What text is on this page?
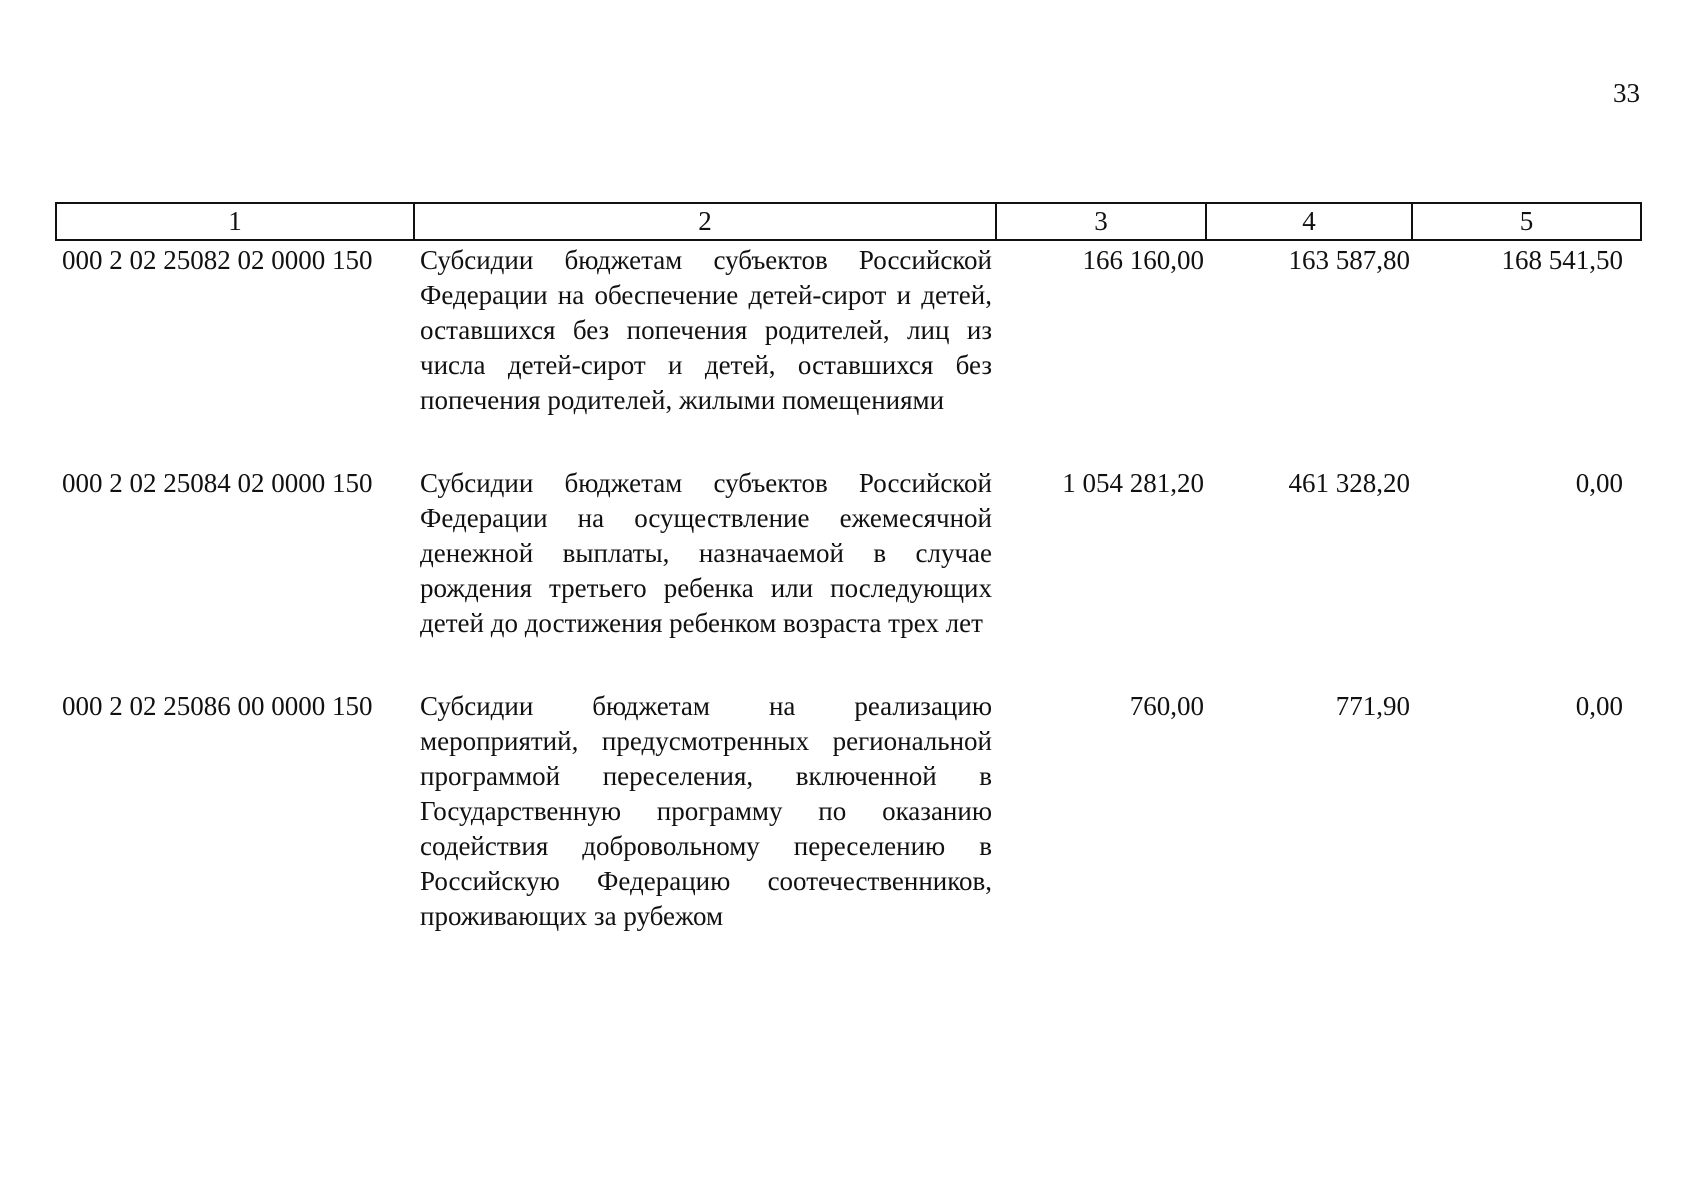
33
1	2	3	4	5
000 2 02 25082 02 0000 150	Субсидии бюджетам субъектов Российской Федерации на обеспечение детей-сирот и детей, оставшихся без попечения родителей, лиц из числа детей-сирот и детей, оставшихся без попечения родителей, жилыми помещениями	166 160,00	163 587,80	168 541,50
000 2 02 25084 02 0000 150	Субсидии бюджетам субъектов Российской Федерации на осуществление ежемесячной денежной выплаты, назначаемой в случае рождения третьего ребенка или последующих детей до достижения ребенком возраста трех лет	1 054 281,20	461 328,20	0,00
000 2 02 25086 00 0000 150	Субсидии бюджетам на реализацию мероприятий, предусмотренных региональной программой переселения, включенной в Государственную программу по оказанию содействия добровольному переселению в Российскую Федерацию соотечественников, проживающих за рубежом	760,00	771,90	0,00
